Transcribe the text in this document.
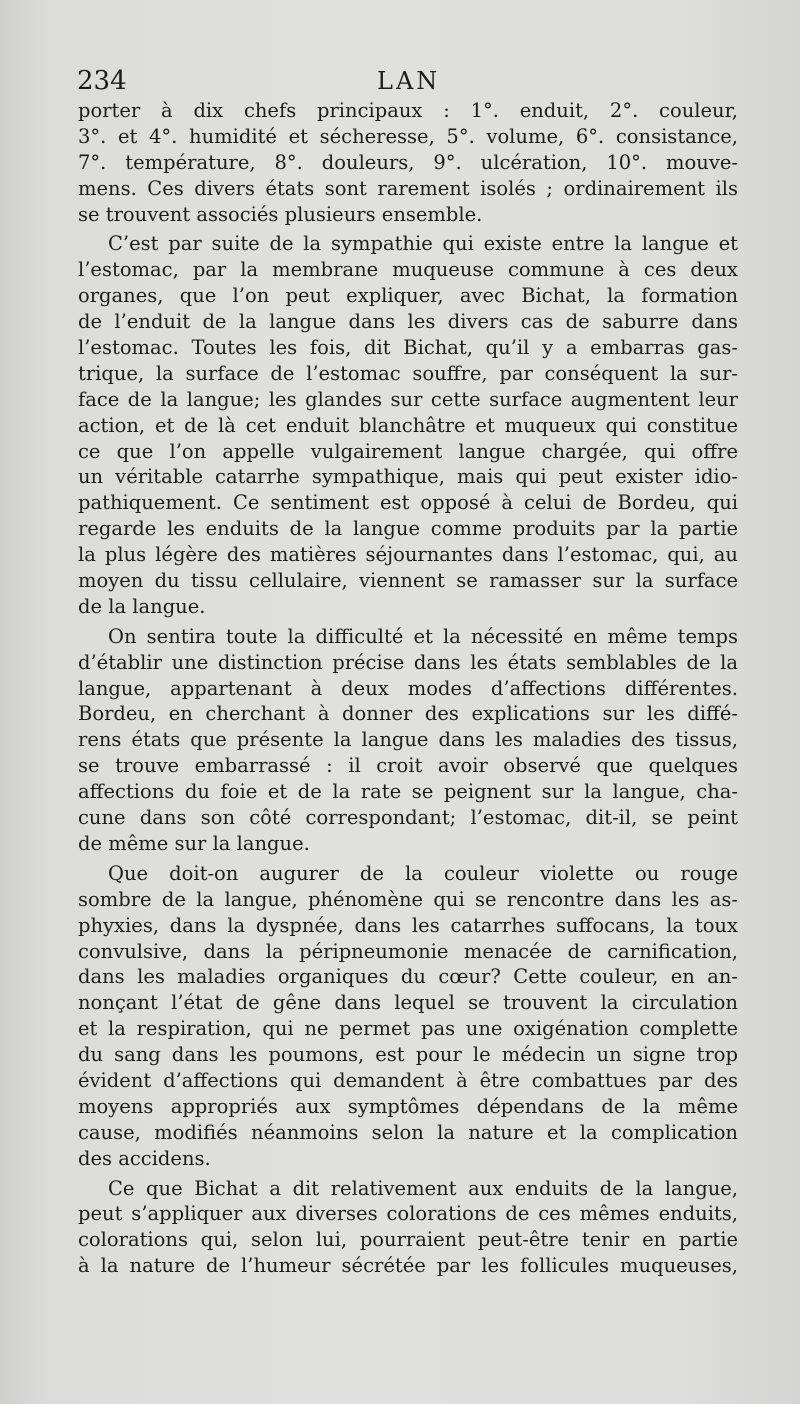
234	LAN
porter à dix chefs principaux : 1°. enduit, 2°. couleur,
3°. et 4°. humidité et sécheresse, 5°. volume, 6°. consistance,
7°. température, 8°. douleurs, 9°. ulcération, 10°. mouve-
mens. Ces divers états sont rarement isolés ; ordinairement ils
se trouvent associés plusieurs ensemble.
C’est par suite de la sympathie qui existe entre la langue et
l’estomac, par la membrane muqueuse commune à ces deux
organes, que l’on peut expliquer, avec Bichat, la formation
de l’enduit de la langue dans les divers cas de saburre dans
l’estomac. Toutes les fois, dit Bichat, qu’il y a embarras gas-
trique, la surface de l’estomac souffre, par conséquent la sur-
face de la langue; les glandes sur cette surface augmentent leur
action, et de là cet enduit blanchâtre et muqueux qui constitue
ce que l’on appelle vulgairement langue chargée, qui offre
un véritable catarrhe sympathique, mais qui peut exister idio-
pathiquement. Ce sentiment est opposé à celui de Bordeu, qui
regarde les enduits de la langue comme produits par la partie
la plus légère des matières séjournantes dans l’estomac, qui, au
moyen du tissu cellulaire, viennent se ramasser sur la surface
de la langue.
On sentira toute la difficulté et la nécessité en même temps
d’établir une distinction précise dans les états semblables de la
langue, appartenant à deux modes d’affections différentes.
Bordeu, en cherchant à donner des explications sur les diffé-
rens états que présente la langue dans les maladies des tissus,
se trouve embarrassé : il croit avoir observé que quelques
affections du foie et de la rate se peignent sur la langue, cha-
cune dans son côté correspondant; l’estomac, dit-il, se peint
de même sur la langue.
Que doit-on augurer de la couleur violette ou rouge
sombre de la langue, phénomène qui se rencontre dans les as-
phyxies, dans la dyspnée, dans les catarrhes suffocans, la toux
convulsive, dans la péripneumonie menacée de carnification,
dans les maladies organiques du cœur? Cette couleur, en an-
nonçant l’état de gêne dans lequel se trouvent la circulation
et la respiration, qui ne permet pas une oxigénation complette
du sang dans les poumons, est pour le médecin un signe trop
évident d’affections qui demandent à être combattues par des
moyens appropriés aux symptômes dépendans de la même
cause, modifiés néanmoins selon la nature et la complication
des accidens.
Ce que Bichat a dit relativement aux enduits de la langue,
peut s’appliquer aux diverses colorations de ces mêmes enduits,
colorations qui, selon lui, pourraient peut-être tenir en partie
à la nature de l’humeur sécrétée par les follicules muqueuses,
